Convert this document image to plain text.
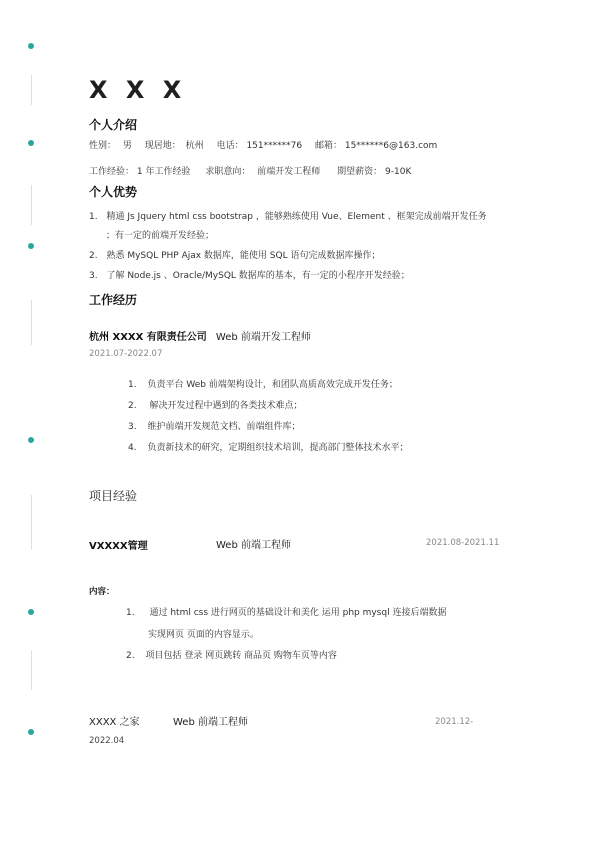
X X X
个人介绍
性别： 男 现居地： 杭州 电话： 151******76 邮箱： 15******6@163.com
工作经验： 1 年工作经验 求职意向： 前端开发工程师 期望薪资： 9-10K
个人优势
1. 精通 Js Jquery html css bootstrap ，能够熟练使用 Vue、Element 、框架完成前端开发任务
；有一定的前端开发经验；
2. 熟悉 MySQL PHP Ajax 数据库，能使用 SQL 语句完成数据库操作；
3. 了解 Node.js 、Oracle/MySQL 数据库的基本，有一定的小程序开发经验；
工作经历
杭州 XXXX 有限责任公司 Web 前端开发工程师
2021.07-2022.07
1. 负责平台 Web 前端架构设计，和团队高质高效完成开发任务；
2. 解决开发过程中遇到的各类技术难点；
3. 维护前端开发规范文档、前端组件库；
4. 负责新技术的研究，定期组织技术培训，提高部门整体技术水平；
项目经验
VXXXX管理	Web 前端工程师	2021.08-2021.11
内容：
1. 通过 html css 进行网页的基础设计和美化 运用 php mysql 连接后端数据
实现网页 页面的内容显示。
2. 项目包括 登录 网页跳转 商品页 购物车页等内容
XXXX 之家	Web 前端工程师	2021.12-
2022.04
